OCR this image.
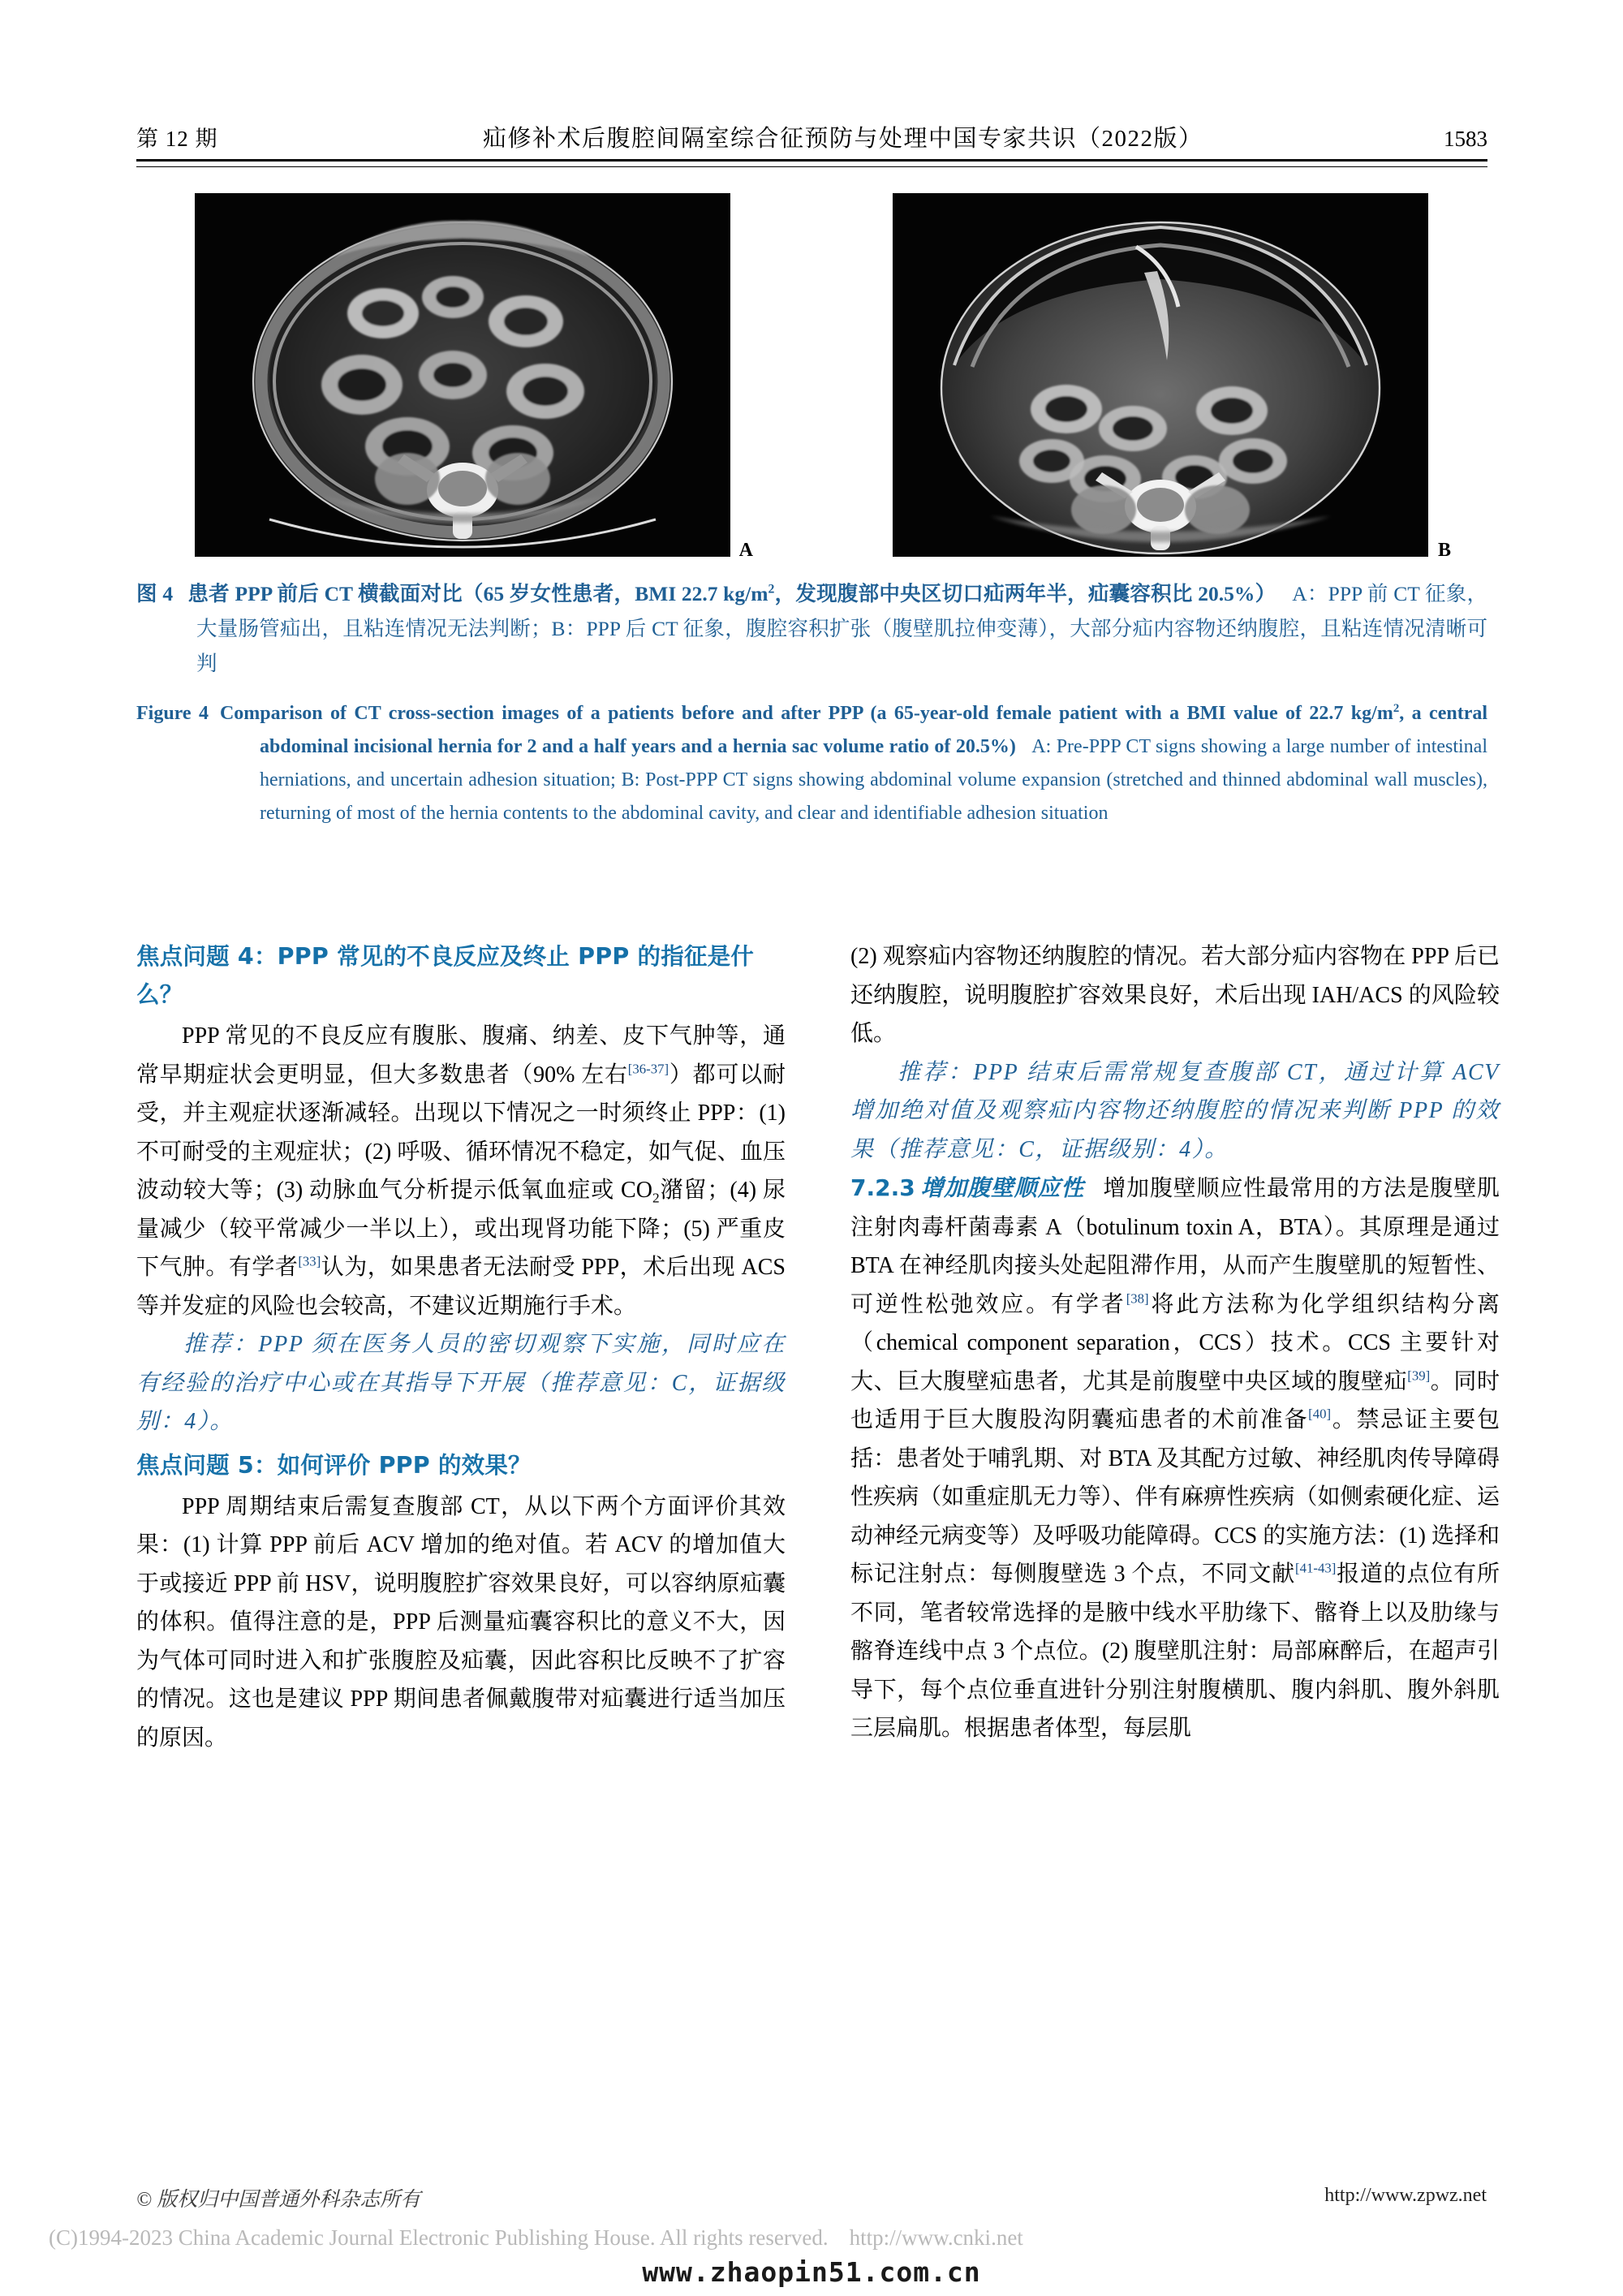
第 12 期	疝修补术后腹腔间隔室综合征预防与处理中国专家共识（2022版）	1583
A	B
图 4 患者 PPP 前后 CT 横截面对比（65 岁女性患者，BMI 22.7 $kg/m^2$，发现腹部中央区切口疝两年半，疝囊容积比 20.5%） A：PPP 前 CT 征象，大量肠管疝出，且粘连情况无法判断；B：PPP 后 CT 征象，腹腔容积扩张（腹壁肌拉伸变薄），大部分疝内容物还纳腹腔，且粘连情况清晰可判
Figure 4 Comparison of CT cross-section images of a patients before and after PPP (a 65-year-old female patient with a BMI value of 22.7 $kg/m^2$, a central abdominal incisional hernia for 2 and a half years and a hernia sac volume ratio of 20.5%) A: Pre-PPP CT signs showing a large number of intestinal herniations, and uncertain adhesion situation; B: Post-PPP CT signs showing abdominal volume expansion (stretched and thinned abdominal wall muscles), returning of most of the hernia contents to the abdominal cavity, and clear and identifiable adhesion situation
焦点问题 4：PPP 常见的不良反应及终止 PPP 的指征是什么？

PPP 常见的不良反应有腹胀、腹痛、纳差、皮下气肿等，通常早期症状会更明显，但大多数患者（90% 左右[36-37]）都可以耐受，并主观症状逐渐减轻。出现以下情况之一时须终止 PPP：(1) 不可耐受的主观症状；(2) 呼吸、循环情况不稳定，如气促、血压波动较大等；(3) 动脉血气分析提示低氧血症或 $CO_2$潴留；(4) 尿量减少（较平常减少一半以上），或出现肾功能下降；(5) 严重皮下气肿。有学者[33]认为，如果患者无法耐受 PPP，术后出现 ACS 等并发症的风险也会较高，不建议近期施行手术。

推荐：PPP 须在医务人员的密切观察下实施，同时应在有经验的治疗中心或在其指导下开展（推荐意见：C，证据级别：4）。

焦点问题 5：如何评价 PPP 的效果？

PPP 周期结束后需复查腹部 CT，从以下两个方面评价其效果：(1) 计算 PPP 前后 ACV 增加的绝对值。若 ACV 的增加值大于或接近 PPP 前 HSV，说明腹腔扩容效果良好，可以容纳原疝囊的体积。值得注意的是，PPP 后测量疝囊容积比的意义不大，因为气体可同时进入和扩张腹腔及疝囊，因此容积比反映不了扩容的情况。这也是建议 PPP 期间患者佩戴腹带对疝囊进行适当加压的原因。

(2) 观察疝内容物还纳腹腔的情况。若大部分疝内容物在 PPP 后已还纳腹腔，说明腹腔扩容效果良好，术后出现 IAH/ACS 的风险较低。

推荐：PPP 结束后需常规复查腹部 CT，通过计算 ACV 增加绝对值及观察疝内容物还纳腹腔的情况来判断 PPP 的效果（推荐意见：C，证据级别：4）。

7.2.3 增加腹壁顺应性 增加腹壁顺应性最常用的方法是腹壁肌注射肉毒杆菌毒素 A（botulinum toxin A，BTA）。其原理是通过 BTA 在神经肌肉接头处起阻滞作用，从而产生腹壁肌的短暂性、可逆性松弛效应。有学者[38]将此方法称为化学组织结构分离（chemical component separation，CCS）技术。CCS 主要针对大、巨大腹壁疝患者，尤其是前腹壁中央区域的腹壁疝[39]。同时也适用于巨大腹股沟阴囊疝患者的术前准备[40]。禁忌证主要包括：患者处于哺乳期、对 BTA 及其配方过敏、神经肌肉传导障碍性疾病（如重症肌无力等）、伴有麻痹性疾病（如侧索硬化症、运动神经元病变等）及呼吸功能障碍。CCS 的实施方法：(1) 选择和标记注射点：每侧腹壁选 3 个点，不同文献[41-43]报道的点位有所不同，笔者较常选择的是腋中线水平肋缘下、髂脊上以及肋缘与髂脊连线中点 3 个点位。(2) 腹壁肌注射：局部麻醉后，在超声引导下，每个点位垂直进针分别注射腹横肌、腹内斜肌、腹外斜肌三层扁肌。根据患者体型，每层肌

© 版权归中国普通外科杂志所有	http://www.zpwz.net
(C)1994-2023 China Academic Journal Electronic Publishing House. All rights reserved. http://www.cnki.net
www.zhaopin51.com.cn
